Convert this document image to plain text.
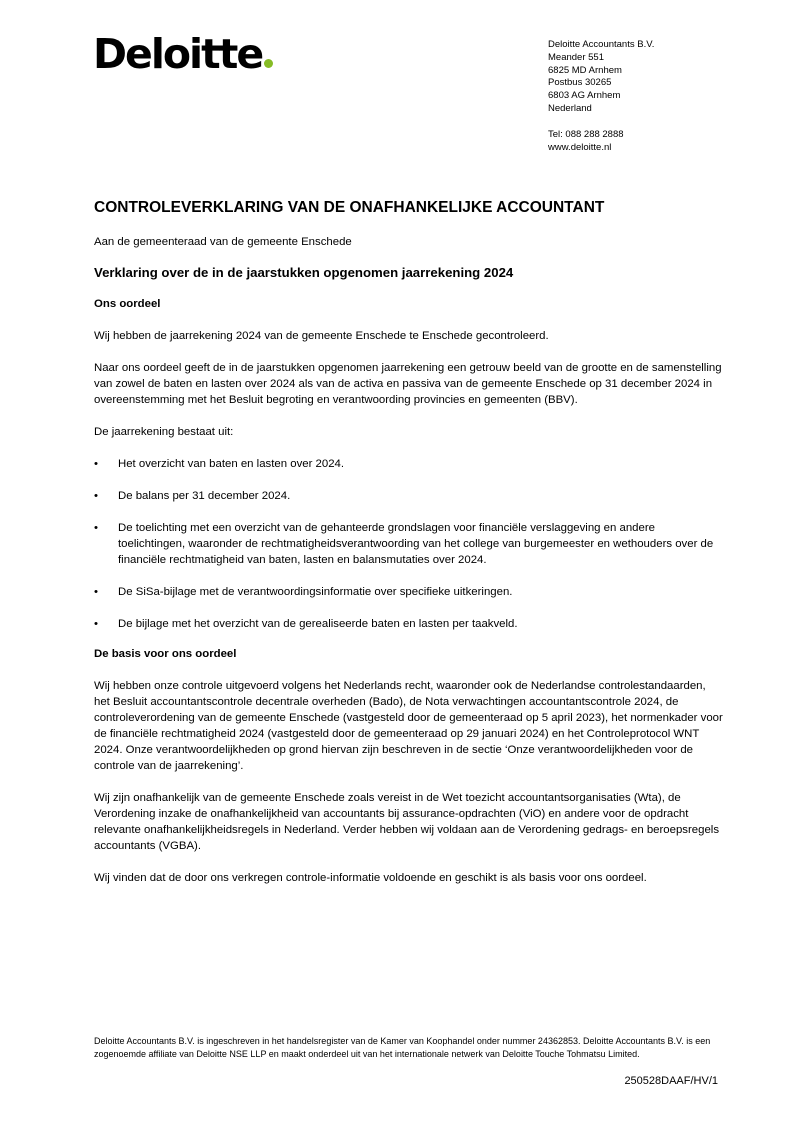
Deloitte	Deloitte Accountants B.V.
Meander 551
6825 MD Arnhem
Postbus 30265
6803 AG Arnhem
Nederland
Tel: 088 288 2888
www.deloitte.nl
CONTROLEVERKLARING VAN DE ONAFHANKELIJKE ACCOUNTANT

Aan de gemeenteraad van de gemeente Enschede

Verklaring over de in de jaarstukken opgenomen jaarrekening 2024
Ons oordeel

Wij hebben de jaarrekening 2024 van de gemeente Enschede te Enschede gecontroleerd.

Naar ons oordeel geeft de in de jaarstukken opgenomen jaarrekening een getrouw beeld van de grootte en de samenstelling van zowel de baten en lasten over 2024 als van de activa en passiva van de gemeente Enschede op 31 december 2024 in overeenstemming met het Besluit begroting en verantwoording provincies en gemeenten (BBV).

De jaarrekening bestaat uit:

• Het overzicht van baten en lasten over 2024.
• De balans per 31 december 2024.
• De toelichting met een overzicht van de gehanteerde grondslagen voor financiële verslaggeving en andere toelichtingen, waaronder de rechtmatigheidsverantwoording van het college van burgemeester en wethouders over de financiële rechtmatigheid van baten, lasten en balansmutaties over 2024.
• De SiSa-bijlage met de verantwoordingsinformatie over specifieke uitkeringen.
• De bijlage met het overzicht van de gerealiseerde baten en lasten per taakveld.
De basis voor ons oordeel

Wij hebben onze controle uitgevoerd volgens het Nederlands recht, waaronder ook de Nederlandse controlestandaarden, het Besluit accountantscontrole decentrale overheden (Bado), de Nota verwachtingen accountantscontrole 2024, de controleverordening van de gemeente Enschede (vastgesteld door de gemeenteraad op 5 april 2023), het normenkader voor de financiële rechtmatigheid 2024 (vastgesteld door de gemeenteraad op 29 januari 2024) en het Controleprotocol WNT 2024. Onze verantwoordelijkheden op grond hiervan zijn beschreven in de sectie ‘Onze verantwoordelijkheden voor de controle van de jaarrekening’.

Wij zijn onafhankelijk van de gemeente Enschede zoals vereist in de Wet toezicht accountantsorganisaties (Wta), de Verordening inzake de onafhankelijkheid van accountants bij assurance-opdrachten (ViO) en andere voor de opdracht relevante onafhankelijkheidsregels in Nederland. Verder hebben wij voldaan aan de Verordening gedrags- en beroepsregels accountants (VGBA).

Wij vinden dat de door ons verkregen controle-informatie voldoende en geschikt is als basis voor ons oordeel.

Deloitte Accountants B.V. is ingeschreven in het handelsregister van de Kamer van Koophandel onder nummer 24362853. Deloitte Accountants B.V. is een zogenoemde affiliate van Deloitte NSE LLP en maakt onderdeel uit van het internationale netwerk van Deloitte Touche Tohmatsu Limited.
250528DAAF/HV/1
